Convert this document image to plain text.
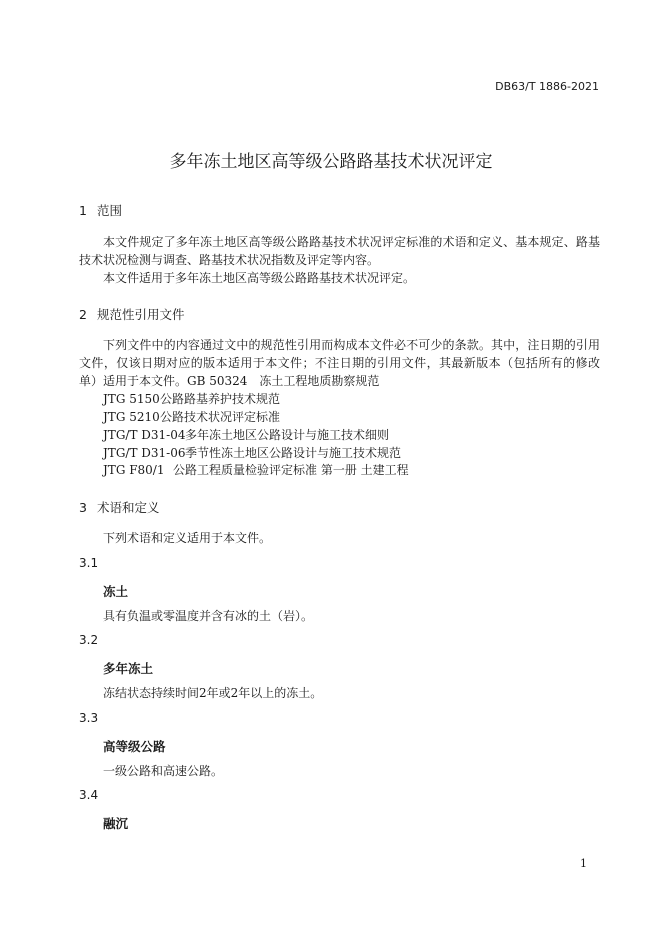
DB63/T 1886-2021
多年冻土地区高等级公路路基技术状况评定
1 范围
本文件规定了多年冻土地区高等级公路路基技术状况评定标准的术语和定义、基本规定、路基技术状况检测与调查、路基技术状况指数及评定等内容。
本文件适用于多年冻土地区高等级公路路基技术状况评定。
2 规范性引用文件
下列文件中的内容通过文中的规范性引用而构成本文件必不可少的条款。其中，注日期的引用文件，仅该日期对应的版本适用于本文件；不注日期的引用文件，其最新版本（包括所有的修改单）适用于本文件。GB 50324　冻土工程地质勘察规范
JTG 5150公路路基养护技术规范
JTG 5210公路技术状况评定标准
JTG/T D31-04多年冻土地区公路设计与施工技术细则
JTG/T D31-06季节性冻土地区公路设计与施工技术规范
JTG F80/1 公路工程质量检验评定标准 第一册 土建工程
3 术语和定义
下列术语和定义适用于本文件。
3.1
冻土
具有负温或零温度并含有冰的土（岩）。
3.2
多年冻土
冻结状态持续时间2年或2年以上的冻土。
3.3
高等级公路
一级公路和高速公路。
3.4
融沉
1
